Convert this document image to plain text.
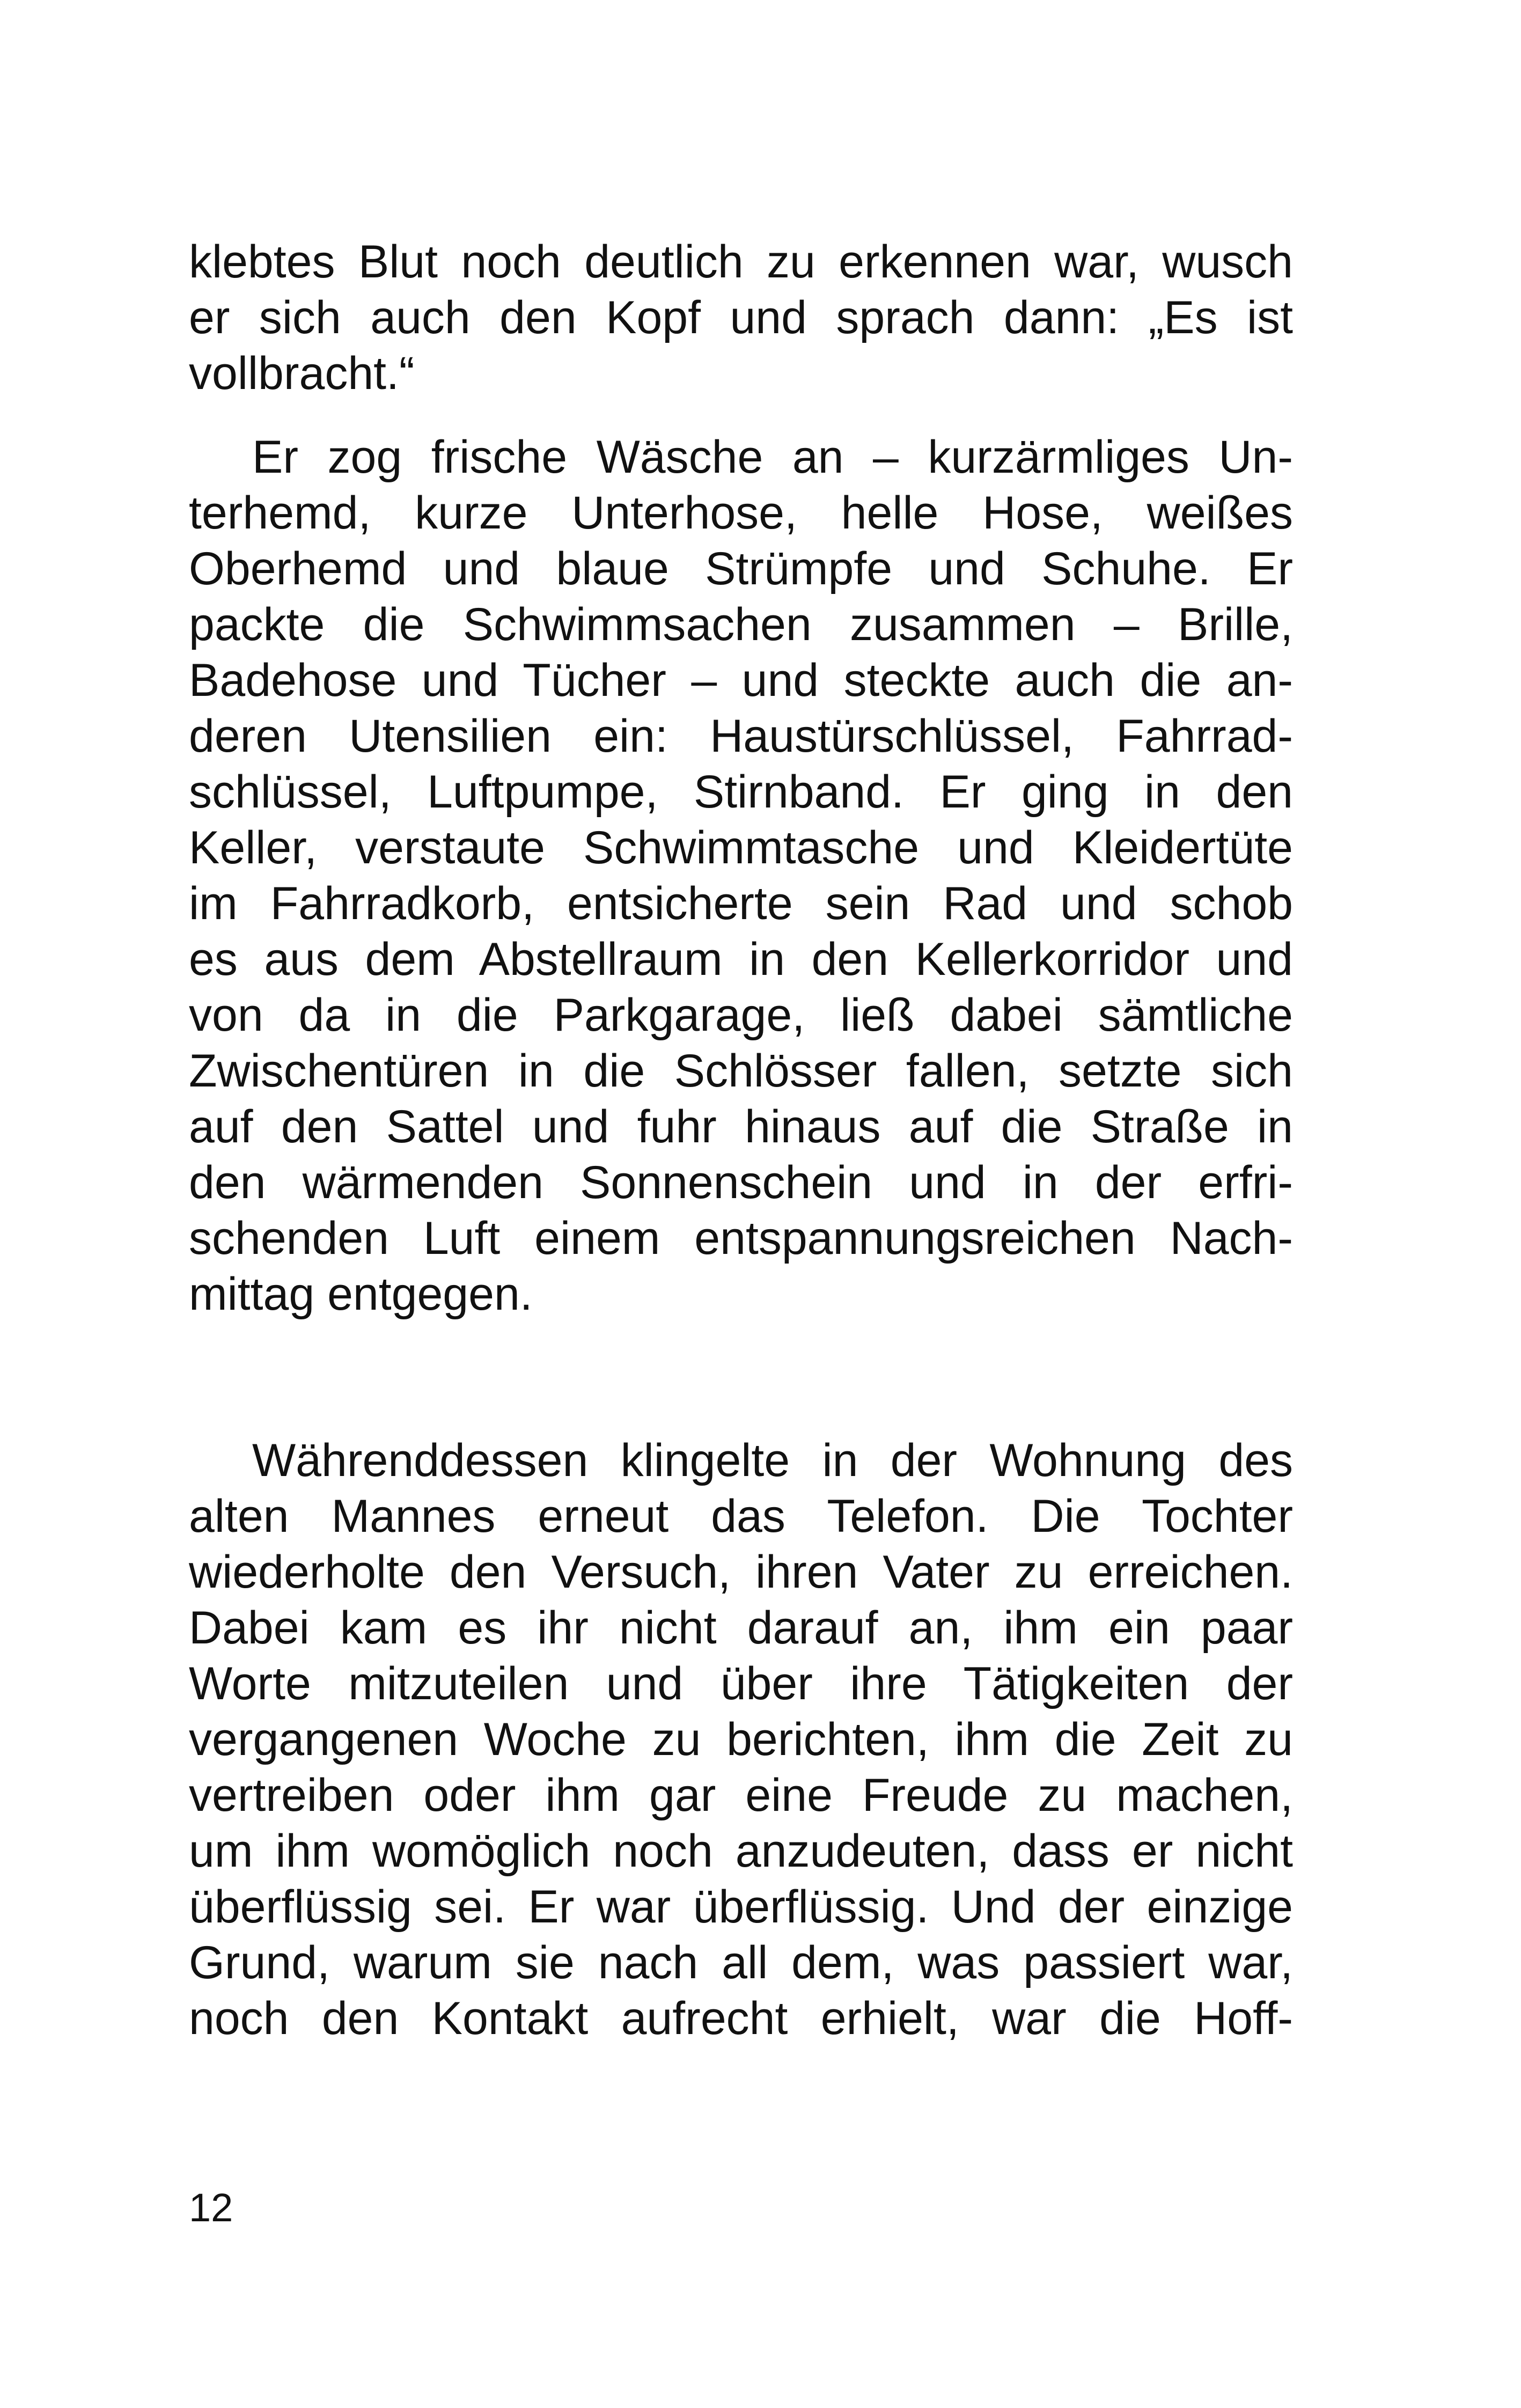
klebtes Blut noch deutlich zu erkennen war, wusch
er sich auch den Kopf und sprach dann: „Es ist
vollbracht.“
Er zog frische Wäsche an – kurzärmliges Un-
terhemd, kurze Unterhose, helle Hose, weißes
Oberhemd und blaue Strümpfe und Schuhe. Er
packte die Schwimmsachen zusammen – Brille,
Badehose und Tücher – und steckte auch die an-
deren Utensilien ein: Haustürschlüssel, Fahrrad-
schlüssel, Luftpumpe, Stirnband. Er ging in den
Keller, verstaute Schwimmtasche und Kleidertüte
im Fahrradkorb, entsicherte sein Rad und schob
es aus dem Abstellraum in den Kellerkorridor und
von da in die Parkgarage, ließ dabei sämtliche
Zwischentüren in die Schlösser fallen, setzte sich
auf den Sattel und fuhr hinaus auf die Straße in
den wärmenden Sonnenschein und in der erfri-
schenden Luft einem entspannungsreichen Nach-
mittag entgegen.
Währenddessen klingelte in der Wohnung des
alten Mannes erneut das Telefon. Die Tochter
wiederholte den Versuch, ihren Vater zu erreichen.
Dabei kam es ihr nicht darauf an, ihm ein paar
Worte mitzuteilen und über ihre Tätigkeiten der
vergangenen Woche zu berichten, ihm die Zeit zu
vertreiben oder ihm gar eine Freude zu machen,
um ihm womöglich noch anzudeuten, dass er nicht
überflüssig sei. Er war überflüssig. Und der einzige
Grund, warum sie nach all dem, was passiert war,
noch den Kontakt aufrecht erhielt, war die Hoff-
12
